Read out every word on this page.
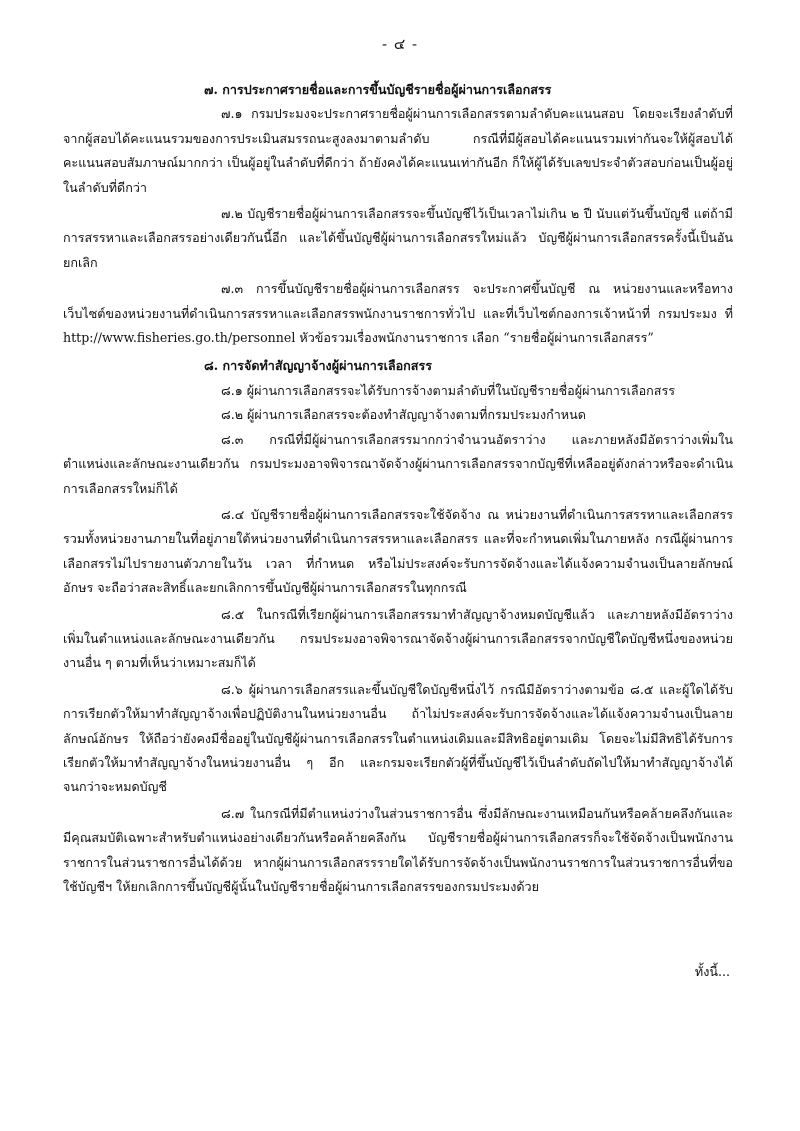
- ๔ -

๗. การประกาศรายชื่อและการขึ้นบัญชีรายชื่อผู้ผ่านการเลือกสรร

๗.๑ กรมประมงจะประกาศรายชื่อผู้ผ่านการเลือกสรรตามลำดับคะแนนสอบ โดยจะเรียงลำดับที่จากผู้สอบได้คะแนนรวมของการประเมินสมรรถนะสูงลงมาตามลำดับ กรณีที่มีผู้สอบได้คะแนนรวมเท่ากันจะให้ผู้สอบได้คะแนนสอบสัมภาษณ์มากกว่า เป็นผู้อยู่ในลำดับที่ดีกว่า ถ้ายังคงได้คะแนนเท่ากันอีก ก็ให้ผู้ได้รับเลขประจำตัวสอบก่อนเป็นผู้อยู่ในลำดับที่ดีกว่า

๗.๒ บัญชีรายชื่อผู้ผ่านการเลือกสรรจะขึ้นบัญชีไว้เป็นเวลาไม่เกิน ๒ ปี นับแต่วันขึ้นบัญชี แต่ถ้ามีการสรรหาและเลือกสรรอย่างเดียวกันนี้อีก และได้ขึ้นบัญชีผู้ผ่านการเลือกสรรใหม่แล้ว บัญชีผู้ผ่านการเลือกสรรครั้งนี้เป็นอันยกเลิก

๗.๓ การขึ้นบัญชีรายชื่อผู้ผ่านการเลือกสรร จะประกาศขึ้นบัญชี ณ หน่วยงานและหรือทางเว็บไซต์ของหน่วยงานที่ดำเนินการสรรหาและเลือกสรรพนักงานราชการทั่วไป และที่เว็บไซต์กองการเจ้าหน้าที่ กรมประมง ที่ http://www.fisheries.go.th/personnel หัวข้อรวมเรื่องพนักงานราชการ เลือก “รายชื่อผู้ผ่านการเลือกสรร”

๘. การจัดทำสัญญาจ้างผู้ผ่านการเลือกสรร

๘.๑ ผู้ผ่านการเลือกสรรจะได้รับการจ้างตามลำดับที่ในบัญชีรายชื่อผู้ผ่านการเลือกสรร

๘.๒ ผู้ผ่านการเลือกสรรจะต้องทำสัญญาจ้างตามที่กรมประมงกำหนด

๘.๓ กรณีที่มีผู้ผ่านการเลือกสรรมากกว่าจำนวนอัตราว่าง และภายหลังมีอัตราว่างเพิ่มในตำแหน่งและลักษณะงานเดียวกัน กรมประมงอาจพิจารณาจัดจ้างผู้ผ่านการเลือกสรรจากบัญชีที่เหลืออยู่ดังกล่าวหรือจะดำเนินการเลือกสรรใหม่ก็ได้

๘.๔ บัญชีรายชื่อผู้ผ่านการเลือกสรรจะใช้จัดจ้าง ณ หน่วยงานที่ดำเนินการสรรหาและเลือกสรรรวมทั้งหน่วยงานภายในที่อยู่ภายใต้หน่วยงานที่ดำเนินการสรรหาและเลือกสรร และที่จะกำหนดเพิ่มในภายหลัง กรณีผู้ผ่านการเลือกสรรไม่ไปรายงานตัวภายในวัน เวลา ที่กำหนด หรือไม่ประสงค์จะรับการจัดจ้างและได้แจ้งความจำนงเป็นลายลักษณ์อักษร จะถือว่าสละสิทธิ์และยกเลิกการขึ้นบัญชีผู้ผ่านการเลือกสรรในทุกกรณี

๘.๕ ในกรณีที่เรียกผู้ผ่านการเลือกสรรมาทำสัญญาจ้างหมดบัญชีแล้ว และภายหลังมีอัตราว่างเพิ่มในตำแหน่งและลักษณะงานเดียวกัน กรมประมงอาจพิจารณาจัดจ้างผู้ผ่านการเลือกสรรจากบัญชีใดบัญชีหนึ่งของหน่วยงานอื่น ๆ ตามที่เห็นว่าเหมาะสมก็ได้

๘.๖ ผู้ผ่านการเลือกสรรและขึ้นบัญชีใดบัญชีหนึ่งไว้ กรณีมีอัตราว่างตามข้อ ๘.๕ และผู้ใดได้รับการเรียกตัวให้มาทำสัญญาจ้างเพื่อปฏิบัติงานในหน่วยงานอื่น ถ้าไม่ประสงค์จะรับการจัดจ้างและได้แจ้งความจำนงเป็นลายลักษณ์อักษร ให้ถือว่ายังคงมีชื่ออยู่ในบัญชีผู้ผ่านการเลือกสรรในตำแหน่งเดิมและมีสิทธิอยู่ตามเดิม โดยจะไม่มีสิทธิได้รับการเรียกตัวให้มาทำสัญญาจ้างในหน่วยงานอื่น ๆ อีก และกรมจะเรียกตัวผู้ที่ขึ้นบัญชีไว้เป็นลำดับถัดไปให้มาทำสัญญาจ้างได้จนกว่าจะหมดบัญชี

๘.๗ ในกรณีที่มีตำแหน่งว่างในส่วนราชการอื่น ซึ่งมีลักษณะงานเหมือนกันหรือคล้ายคลึงกันและมีคุณสมบัติเฉพาะสำหรับตำแหน่งอย่างเดียวกันหรือคล้ายคลึงกัน บัญชีรายชื่อผู้ผ่านการเลือกสรรก็จะใช้จัดจ้างเป็นพนักงานราชการในส่วนราชการอื่นได้ด้วย หากผู้ผ่านการเลือกสรรรายใดได้รับการจัดจ้างเป็นพนักงานราชการในส่วนราชการอื่นที่ขอใช้บัญชีฯ ให้ยกเลิกการขึ้นบัญชีผู้นั้นในบัญชีรายชื่อผู้ผ่านการเลือกสรรของกรมประมงด้วย

ทั้งนี้...
